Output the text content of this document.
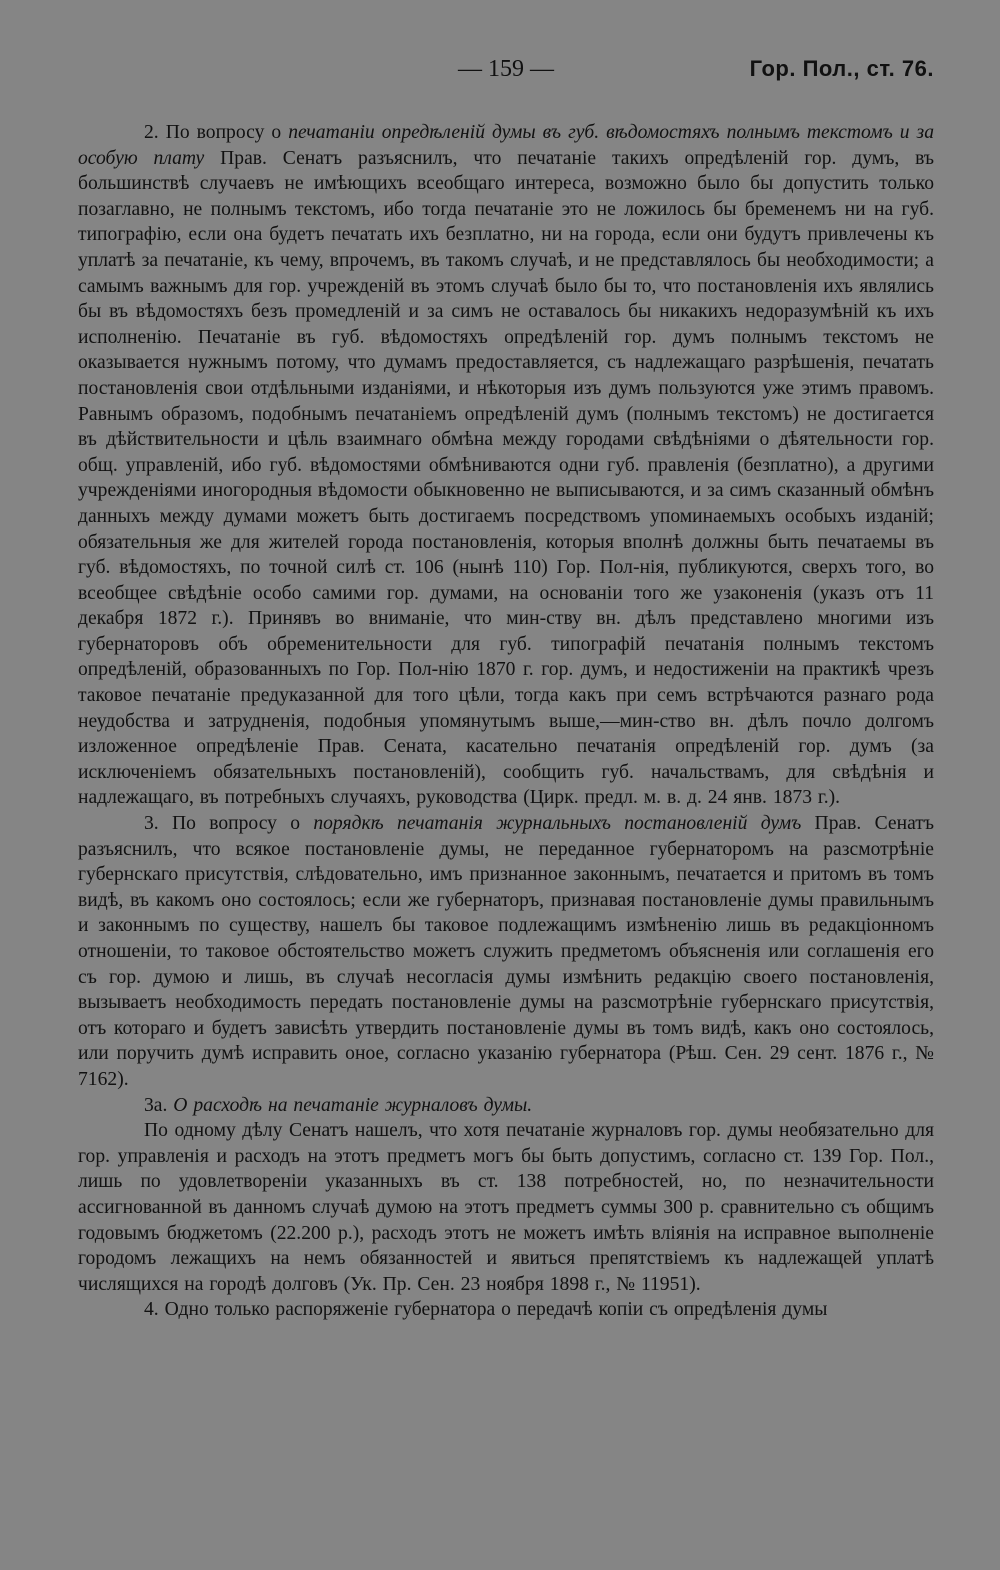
— 159 —	Гор. Пол., ст. 76.

2. По вопросу о печатаніи опредѣленій думы въ губ. вѣдомостяхъ полнымъ текстомъ и за особую плату Прав. Сенатъ разъяснилъ, что печатаніе такихъ опредѣленій гор. думъ, въ большинствѣ случаевъ не имѣющихъ всеобщаго интереса, возможно было бы допустить только позаглавно, не полнымъ текстомъ, ибо тогда печатаніе это не ложилось бы бременемъ ни на губ. типографію, если она будетъ печатать ихъ безплатно, ни на города, если они будутъ привлечены къ уплатѣ за печатаніе, къ чему, впрочемъ, въ такомъ случаѣ, и не представлялось бы необходимости; а самымъ важнымъ для гор. учрежденій въ этомъ случаѣ было бы то, что постановленія ихъ являлись бы въ вѣдомостяхъ безъ промедленій и за симъ не оставалось бы никакихъ недоразумѣній къ ихъ исполненію. Печатаніе въ губ. вѣдомостяхъ опредѣленій гор. думъ полнымъ текстомъ не оказывается нужнымъ потому, что думамъ предоставляется, съ надлежащаго разрѣшенія, печатать постановленія свои отдѣльными изданіями, и нѣкоторыя изъ думъ пользуются уже этимъ правомъ. Равнымъ образомъ, подобнымъ печатаніемъ опредѣленій думъ (полнымъ текстомъ) не достигается въ дѣйствительности и цѣль взаимнаго обмѣна между городами свѣдѣніями о дѣятельности гор. общ. управленій, ибо губ. вѣдомостями обмѣниваются одни губ. правленія (безплатно), а другими учрежденіями иногородныя вѣдомости обыкновенно не выписываются, и за симъ сказанный обмѣнъ данныхъ между думами можетъ быть достигаемъ посредствомъ упоминаемыхъ особыхъ изданій; обязательныя же для жителей города постановленія, которыя вполнѣ должны быть печатаемы въ губ. вѣдомостяхъ, по точной силѣ ст. 106 (нынѣ 110) Гор. Пол-нія, публикуются, сверхъ того, во всеобщее свѣдѣніе особо самими гор. думами, на основаніи того же узаконенія (указъ отъ 11 декабря 1872 г.). Принявъ во вниманіе, что мин-ству вн. дѣлъ представлено многими изъ губернаторовъ объ обременительности для губ. типографій печатанія полнымъ текстомъ опредѣленій, образованныхъ по Гор. Пол-нію 1870 г. гор. думъ, и недостиженіи на практикѣ чрезъ таковое печатаніе предуказанной для того цѣли, тогда какъ при семъ встрѣчаются разнаго рода неудобства и затрудненія, подобныя упомянутымъ выше,—мин-ство вн. дѣлъ почло долгомъ изложенное опредѣленіе Прав. Сената, касательно печатанія опредѣленій гор. думъ (за исключеніемъ обязательныхъ постановленій), сообщить губ. начальствамъ, для свѣдѣнія и надлежащаго, въ потребныхъ случаяхъ, руководства (Цирк. предл. м. в. д. 24 янв. 1873 г.).

3. По вопросу о порядкѣ печатанія журнальныхъ постановленій думъ Прав. Сенатъ разъяснилъ, что всякое постановленіе думы, не переданное губернаторомъ на разсмотрѣніе губернскаго присутствія, слѣдовательно, имъ признанное законнымъ, печатается и притомъ въ томъ видѣ, въ какомъ оно состоялось; если же губернаторъ, признавая постановленіе думы правильнымъ и законнымъ по существу, нашелъ бы таковое подлежащимъ измѣненію лишь въ редакціонномъ отношеніи, то таковое обстоятельство можетъ служить предметомъ объясненія или соглашенія его съ гор. думою и лишь, въ случаѣ несогласія думы измѣнить редакцію своего постановленія, вызываетъ необходимость передать постановленіе думы на разсмотрѣніе губернскаго присутствія, отъ котораго и будетъ зависѣть утвердить постановленіе думы въ томъ видѣ, какъ оно состоялось, или поручить думѣ исправить оное, согласно указанію губернатора (Рѣш. Сен. 29 сент. 1876 г., № 7162).

3а. О расходѣ на печатаніе журналовъ думы.

По одному дѣлу Сенатъ нашелъ, что хотя печатаніе журналовъ гор. думы необязательно для гор. управленія и расходъ на этотъ предметъ могъ бы быть допустимъ, согласно ст. 139 Гор. Пол., лишь по удовлетвореніи указанныхъ въ ст. 138 потребностей, но, по незначительности ассигнованной въ данномъ случаѣ думою на этотъ предметъ суммы 300 р. сравнительно съ общимъ годовымъ бюджетомъ (22.200 р.), расходъ этотъ не можетъ имѣть вліянія на исправное выполненіе городомъ лежащихъ на немъ обязанностей и явиться препятствіемъ къ надлежащей уплатѣ числящихся на городѣ долговъ (Ук. Пр. Сен. 23 ноября 1898 г., № 11951).

4. Одно только распоряженіе губернатора о передачѣ копіи съ опредѣленія думы
